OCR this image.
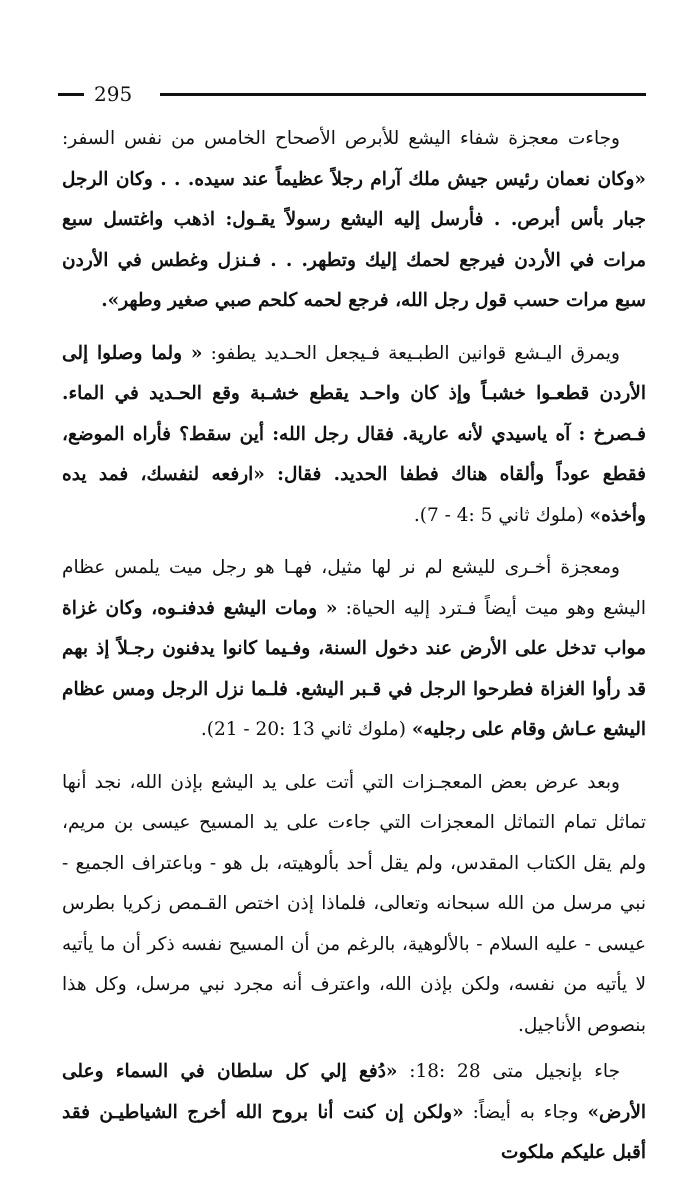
295

وجاءت معجزة شفاء اليشع للأبرص الأصحاح الخامس من نفس السفر: «وكان نعمان رئيس جيش ملك آرام رجلاً عظيماً عند سيده. . . وكان الرجل جبار بأس أبرص. . فأرسل إليه اليشع رسولاً يقـول: اذهب واغتسل سبع مرات في الأردن فيرجع لحمك إليك وتطهر. . . فـنزل وغطس في الأردن سبع مرات حسب قول رجل الله، فرجع لحمه كلحم صبي صغير وطهر».

ويمرق اليـشع قوانين الطبـيعة فـيجعل الحـديد يطفو: « ولما وصلوا إلى الأردن قطعـوا خشبـاً وإذ كان واحـد يقطع خشـبة وقع الحـديد في الماء. فـصرخ : آه ياسيدي لأنه عارية. فقال رجل الله: أين سقط؟ فأراه الموضع، فقطع عوداً وألقاه هناك فطفا الحديد. فقال: «ارفعه لنفسك، فمد يده وأخذه» (ملوك ثاني 5 :4 - 7).

ومعجزة أخـرى لليشع لم نر لها مثيل، فهـا هو رجل ميت يلمس عظام اليشع وهو ميت أيضاً فـترد إليه الحياة: « ومات اليشع فدفنـوه، وكان غزاة مواب تدخل على الأرض عند دخول السنة، وفـيما كانوا يدفنون رجـلاً إذ بهم قد رأوا الغزاة فطرحوا الرجل في قـبر اليشع. فلـما نزل الرجل ومس عظام اليشع عـاش وقام على رجليه» (ملوك ثاني 13 :20 - 21).

وبعد عرض بعض المعجـزات التي أتت على يد اليشع بإذن الله، نجد أنها تماثل تمام التماثل المعجزات التي جاءت على يد المسيح عيسى بن مريم، ولم يقل الكتاب المقدس، ولم يقل أحد بألوهيته، بل هو - وباعتراف الجميع - نبي مرسل من الله سبحانه وتعالى، فلماذا إذن اختص القـمص زكريا بطرس عيسى - عليه السلام - بالألوهية، بالرغم من أن المسيح نفسه ذكر أن ما يأتيه لا يأتيه من نفسه، ولكن بإذن الله، واعترف أنه مجرد نبي مرسل، وكل هذا بنصوص الأناجيل.

جاء بإنجيل متى 28 :18: «دُفع إلي كل سلطان في السماء وعلى الأرض» وجاء به أيضاً: «ولكن إن كنت أنا بروح الله أخرج الشياطيـن فقد أقبل عليكم ملكوت
